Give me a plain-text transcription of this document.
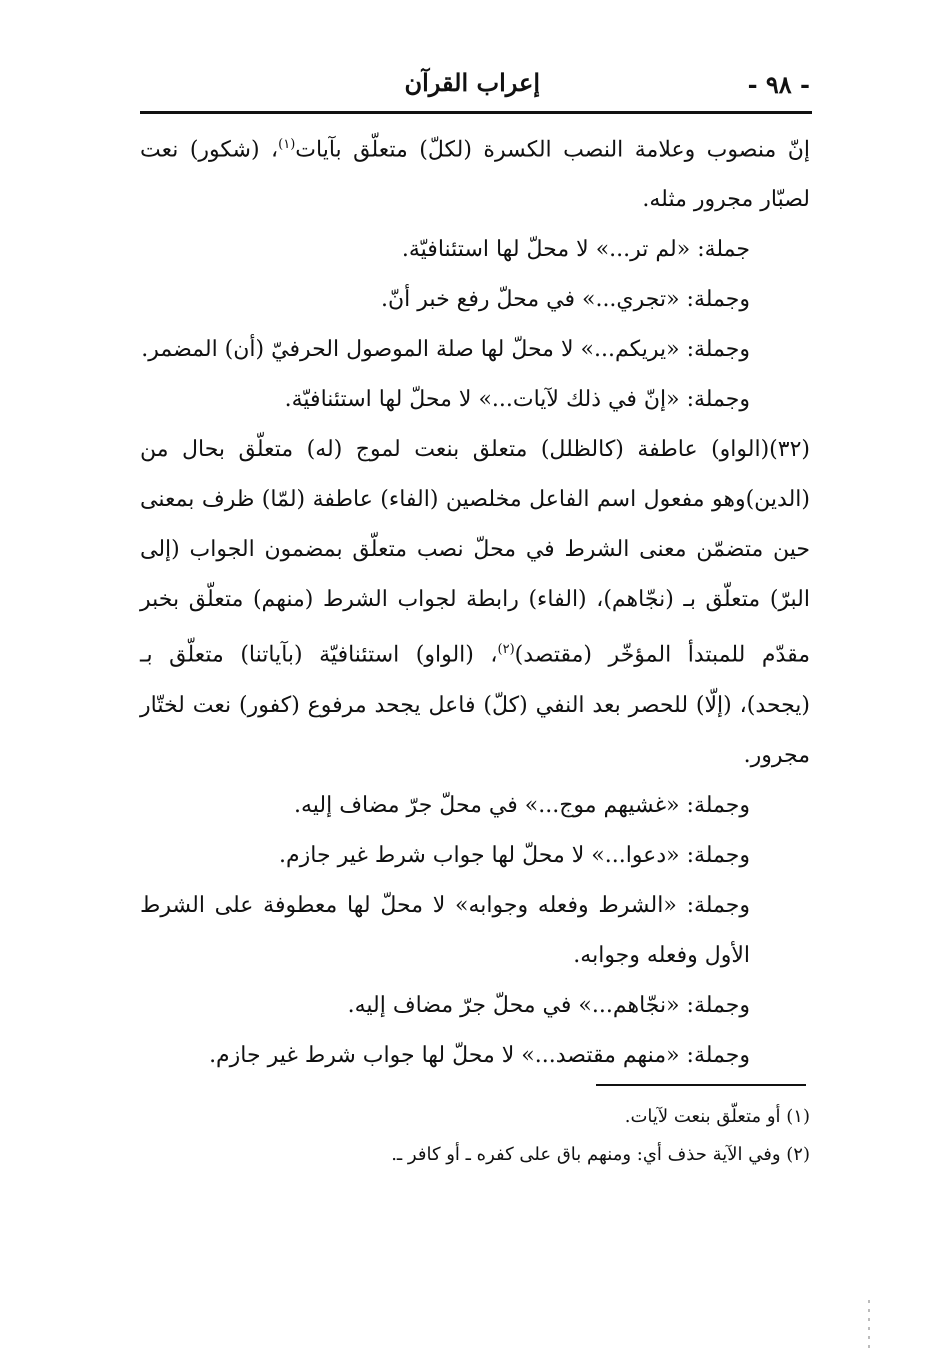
- ٩٨ -
إعراب القرآن

إنّ منصوب وعلامة النصب الكسرة (لكلّ) متعلّق بآيات$^{(١)}$، (شكور) نعت لصبّار مجرور مثله.

جملة: «لم تر...» لا محلّ لها استئنافيّة.

وجملة: «تجري...» في محلّ رفع خبر أنّ.

وجملة: «يريكم...» لا محلّ لها صلة الموصول الحرفيّ (أن) المضمر.

وجملة: «إنّ في ذلك لآيات...» لا محلّ لها استئنافيّة.

(٣٢)(الواو) عاطفة (كالظلل) متعلق بنعت لموج (له) متعلّق بحال من (الدين)وهو مفعول اسم الفاعل مخلصين (الفاء) عاطفة (لمّا) ظرف بمعنى حين متضمّن معنى الشرط في محلّ نصب متعلّق بمضمون الجواب (إلى البرّ) متعلّق بـ (نجّاهم)، (الفاء) رابطة لجواب الشرط (منهم) متعلّق بخبر مقدّم للمبتدأ المؤخّر (مقتصد)$^{(٢)}$، (الواو) استئنافيّة (بآياتنا) متعلّق بـ (يجحد)، (إلّا) للحصر بعد النفي (كلّ) فاعل يجحد مرفوع (كفور) نعت لختّار مجرور.

وجملة: «غشيهم موج...» في محلّ جرّ مضاف إليه.

وجملة: «دعوا...» لا محلّ لها جواب شرط غير جازم.

وجملة: «الشرط وفعله وجوابه» لا محلّ لها معطوفة على الشرط الأول وفعله وجوابه.

وجملة: «نجّاهم...» في محلّ جرّ مضاف إليه.

وجملة: «منهم مقتصد...» لا محلّ لها جواب شرط غير جازم.

(١) أو متعلّق بنعت لآيات.

(٢) وفي الآية حذف أي: ومنهم باق على كفره ـ أو كافر ـ.
